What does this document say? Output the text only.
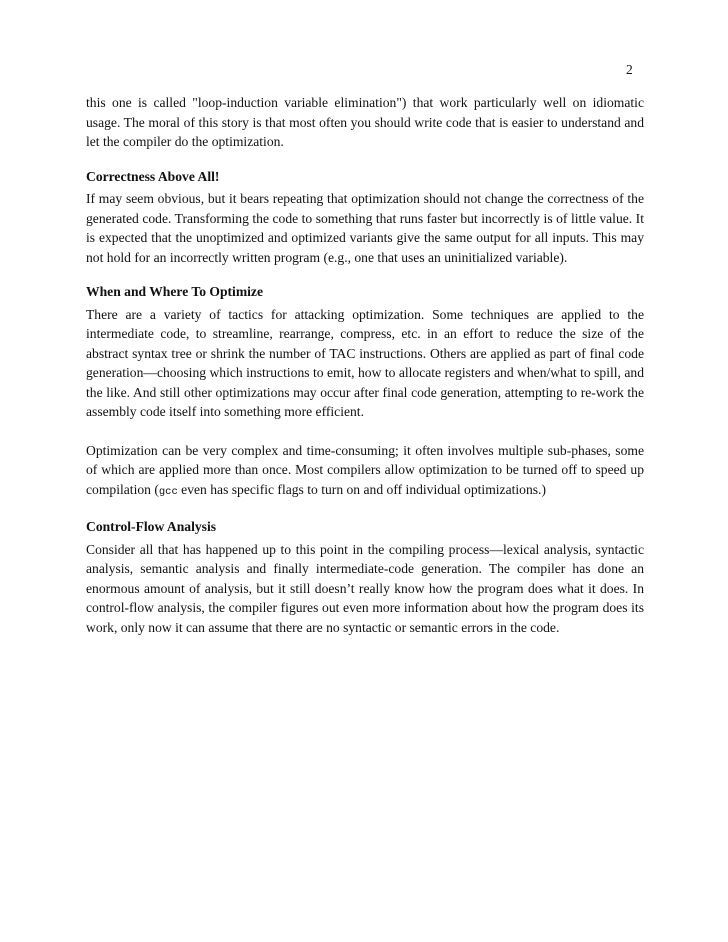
2

this one is called "loop-induction variable elimination") that work particularly well on idiomatic usage. The moral of this story is that most often you should write code that is easier to understand and let the compiler do the optimization.

Correctness Above All!

If may seem obvious, but it bears repeating that optimization should not change the correctness of the generated code. Transforming the code to something that runs faster but incorrectly is of little value. It is expected that the unoptimized and optimized variants give the same output for all inputs. This may not hold for an incorrectly written program (e.g., one that uses an uninitialized variable).

When and Where To Optimize

There are a variety of tactics for attacking optimization. Some techniques are applied to the intermediate code, to streamline, rearrange, compress, etc. in an effort to reduce the size of the abstract syntax tree or shrink the number of TAC instructions. Others are applied as part of final code generation—choosing which instructions to emit, how to allocate registers and when/what to spill, and the like. And still other optimizations may occur after final code generation, attempting to re-work the assembly code itself into something more efficient.

Optimization can be very complex and time-consuming; it often involves multiple sub-phases, some of which are applied more than once. Most compilers allow optimization to be turned off to speed up compilation (gcc even has specific flags to turn on and off individual optimizations.)

Control-Flow Analysis

Consider all that has happened up to this point in the compiling process—lexical analysis, syntactic analysis, semantic analysis and finally intermediate-code generation. The compiler has done an enormous amount of analysis, but it still doesn’t really know how the program does what it does. In control-flow analysis, the compiler figures out even more information about how the program does its work, only now it can assume that there are no syntactic or semantic errors in the code.
